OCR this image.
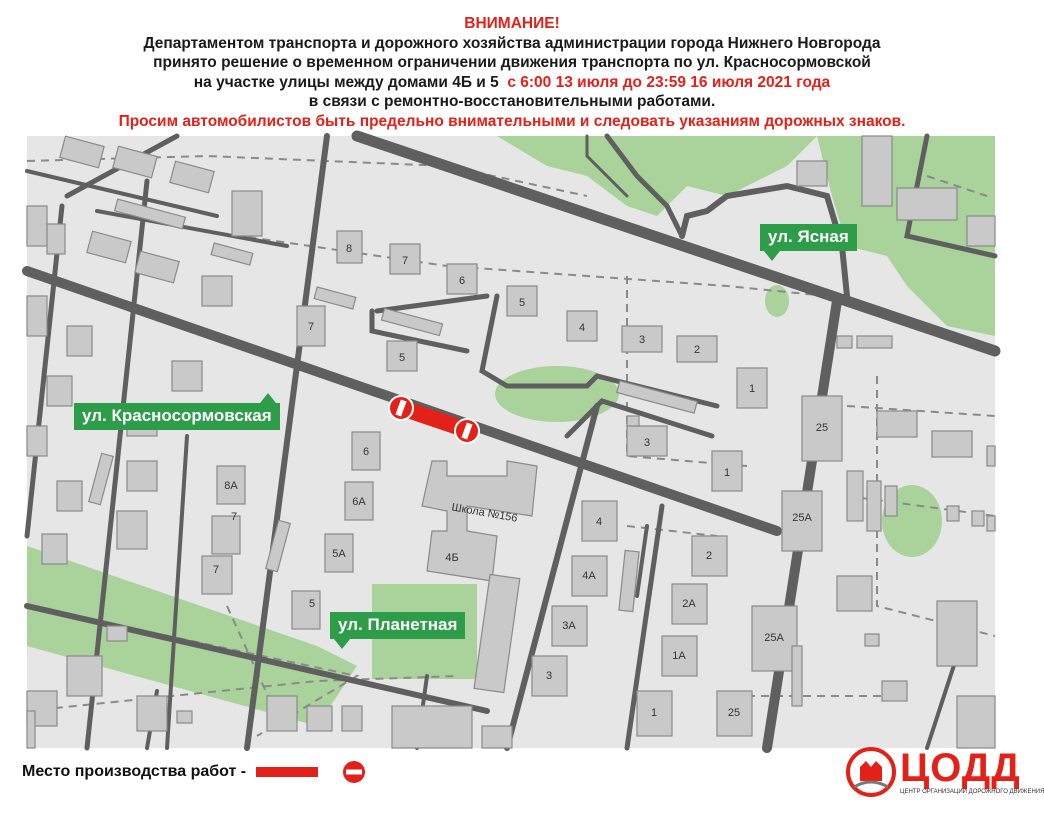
ВНИМАНИЕ!
Департаментом транспорта и дорожного хозяйства администрации города Нижнего Новгорода
принято решение о временном ограничении движения транспорта по ул. Красносормовской
на участке улицы между домами 4Б и 5 с 6:00 13 июля до 23:59 16 июля 2021 года
в связи с ремонтно-восстановительными работами.
Просим автомобилистов быть предельно внимательными и следовать указаниям дорожных знаков.
8
7
6
5
4
3
2
7
5
1
3
1
25
25А
6
6А
5А
5
8А
7
7
4
4А
3А
3
2
2А
1А
1
25А
25
4Б
Школа №156
ул. Красносормовская
ул. Ясная
ул. Планетная
Место производства работ -	ЦОДД
ЦЕНТР ОРГАНИЗАЦИИ ДОРОЖНОГО ДВИЖЕНИЯ
